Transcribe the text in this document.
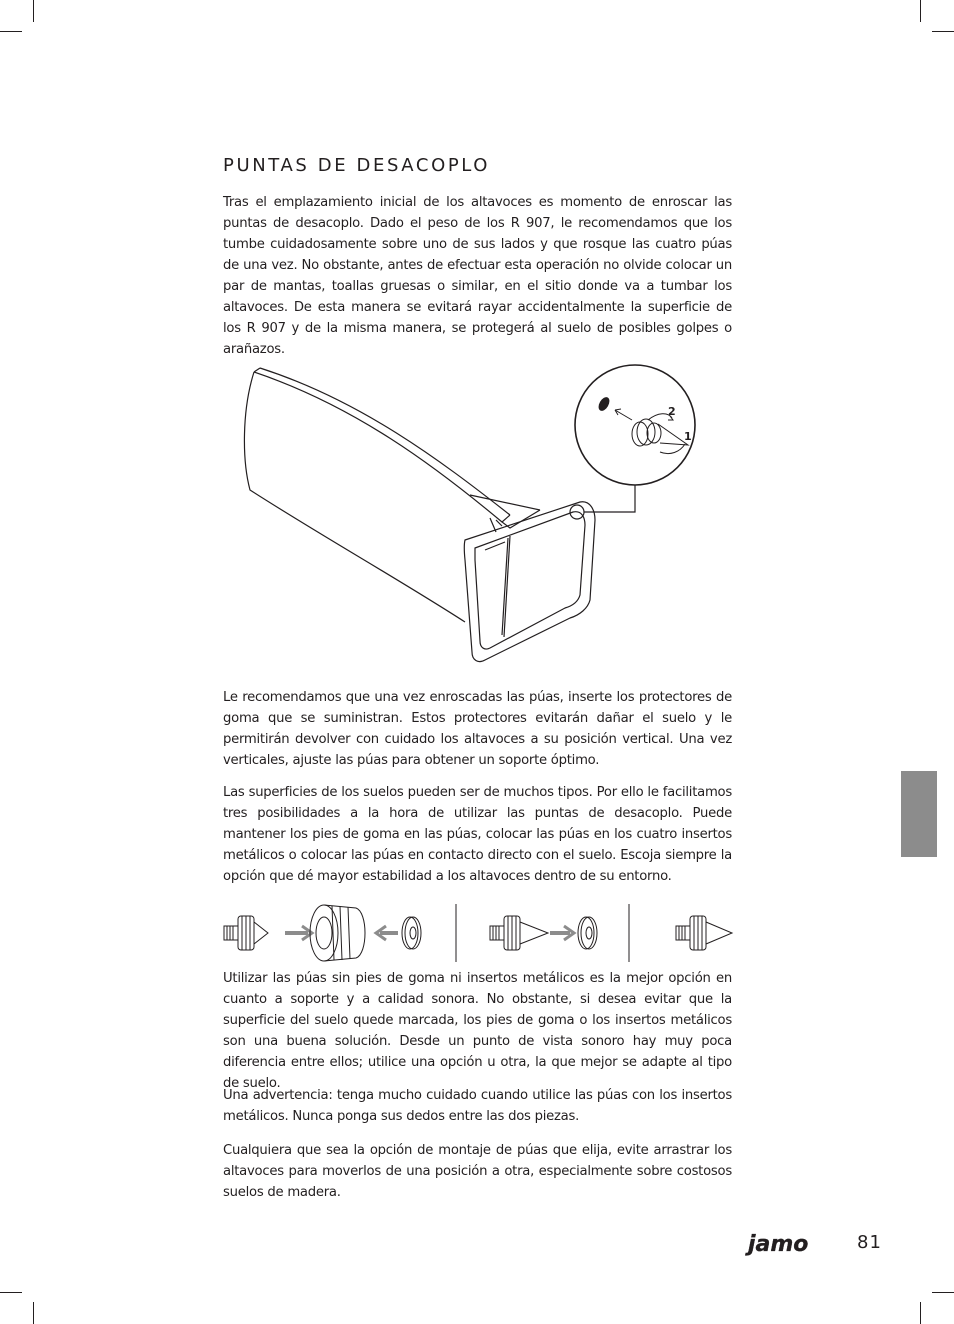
PUNTAS DE DESACOPLO

Tras el emplazamiento inicial de los altavoces es momento de enroscar las puntas de desacoplo. Dado el peso de los R 907, le recomendamos que los tumbe cuidadosamente sobre uno de sus lados y que rosque las cuatro púas de una vez. No obstante, antes de efectuar esta operación no olvide colocar un par de mantas, toallas gruesas o similar, en el sitio donde va a tumbar los altavoces. De esta manera se evitará rayar accidentalmente la superficie de los R 907 y de la misma manera, se protegerá al suelo de posibles golpes o arañazos.

2
1

Le recomendamos que una vez enroscadas las púas, inserte los protectores de goma que se suministran. Estos protectores evitarán dañar el suelo y le permitirán devolver con cuidado los altavoces a su posición vertical. Una vez verticales, ajuste las púas para obtener un soporte óptimo.

Las superficies de los suelos pueden ser de muchos tipos. Por ello le facilitamos tres posibilidades a la hora de utilizar las puntas de desacoplo. Puede mantener los pies de goma en las púas, colocar las púas en los cuatro insertos metálicos o colocar las púas en contacto directo con el suelo. Escoja siempre la opción que dé mayor estabilidad a los altavoces dentro de su entorno.

Utilizar las púas sin pies de goma ni insertos metálicos es la mejor opción en cuanto a soporte y a calidad sonora. No obstante, si desea evitar que la superficie del suelo quede marcada, los pies de goma o los insertos metálicos son una buena solución. Desde un punto de vista sonoro hay muy poca diferencia entre ellos; utilice una opción u otra, la que mejor se adapte al tipo de suelo.

Una advertencia: tenga mucho cuidado cuando utilice las púas con los insertos metálicos. Nunca ponga sus dedos entre las dos piezas.

Cualquiera que sea la opción de montaje de púas que elija, evite arrastrar los altavoces para moverlos de una posición a otra, especialmente sobre costosos suelos de madera.

jamo	81
